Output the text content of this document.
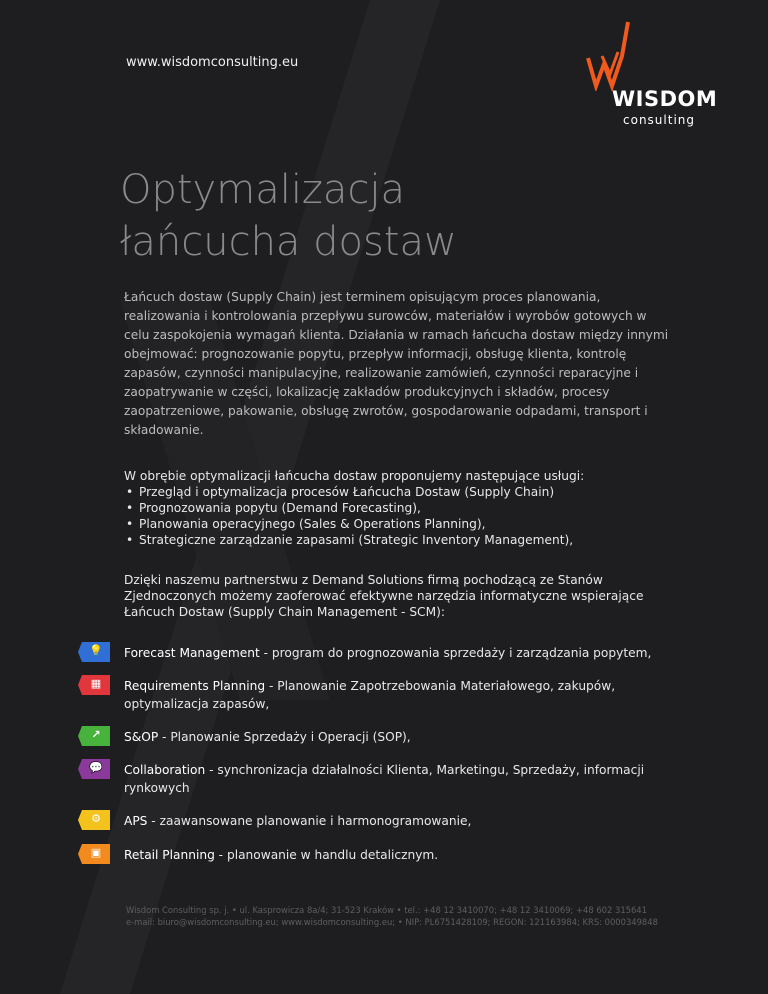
www.wisdomconsulting.eu
WISDOM
consulting
Optymalizacja
łańcucha dostaw

Łańcuch dostaw (Supply Chain) jest terminem opisującym proces planowania, realizowania i kontrolowania przepływu surowców, materiałów i wyrobów gotowych w celu zaspokojenia wymagań klienta. Działania w ramach łańcucha dostaw między innymi obejmować: prognozowanie popytu, przepływ informacji, obsługę klienta, kontrolę zapasów, czynności manipulacyjne, realizowanie zamówień, czynności reparacyjne i zaopatrywanie w części, lokalizację zakładów produkcyjnych i składów, procesy zaopatrzeniowe, pakowanie, obsługę zwrotów, gospodarowanie odpadami, transport i składowanie.

W obrębie optymalizacji łańcucha dostaw proponujemy następujące usługi:

• Przegląd i optymalizacja procesów Łańcucha Dostaw (Supply Chain)
• Prognozowania popytu (Demand Forecasting),
• Planowania operacyjnego (Sales & Operations Planning),
• Strategiczne zarządzanie zapasami (Strategic Inventory Management),

Dzięki naszemu partnerstwu z Demand Solutions firmą pochodzącą ze Stanów Zjednoczonych możemy zaoferować efektywne narzędzia informatyczne wspierające Łańcuch Dostaw (Supply Chain Management - SCM):

💡 Forecast Management - program do prognozowania sprzedaży i zarządzania popytem,
▦ Requirements Planning - Planowanie Zapotrzebowania Materiałowego, zakupów, optymalizacja zapasów,
↗ S&OP - Planowanie Sprzedaży i Operacji (SOP),
💬 Collaboration - synchronizacja działalności Klienta, Marketingu, Sprzedaży, informacji rynkowych
⚙ APS - zaawansowane planowanie i harmonogramowanie,
▣ Retail Planning - planowanie w handlu detalicznym.
Wisdom Consulting sp. j. • ul. Kasprowicza 8a/4; 31-523 Kraków • tel.: +48 12 3410070; +48 12 3410069; +48 602 315641
e-mail: biuro@wisdomconsulting.eu; www.wisdomconsulting.eu; • NIP: PL6751428109; REGON: 121163984; KRS: 0000349848
